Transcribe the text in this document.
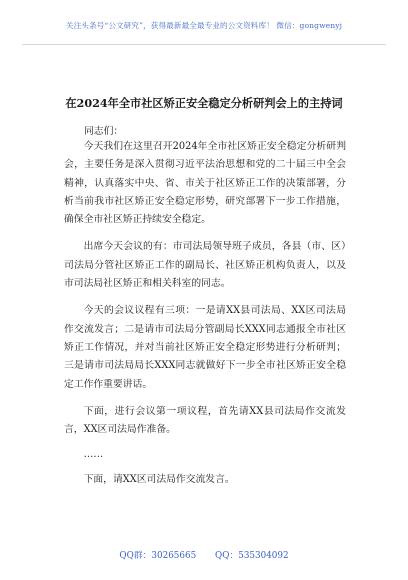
关注头条号“公文研究”，获得最新最全最专业的公文资料库！ 微信：gongwenyj
在2024年全市社区矫正安全稳定分析研判会上的主持词
同志们：

今天我们在这里召开2024年全市社区矫正安全稳定分析研判会，主要任务是深入贯彻习近平法治思想和党的二十届三中全会精神，认真落实中央、省、市关于社区矫正工作的决策部署，分析当前我市社区矫正安全稳定形势，研究部署下一步工作措施，确保全市社区矫正持续安全稳定。

出席今天会议的有：市司法局领导班子成员，各县（市、区）司法局分管社区矫正工作的副局长、社区矫正机构负责人，以及市司法局社区矫正和相关科室的同志。

今天的会议议程有三项：一是请XX县司法局、XX区司法局作交流发言；二是请市司法局分管副局长XXX同志通报全市社区矫正工作情况，并对当前社区矫正安全稳定形势进行分析研判；三是请市司法局局长XXX同志就做好下一步全市社区矫正安全稳定工作作重要讲话。

下面，进行会议第一项议程，首先请XX县司法局作交流发言，XX区司法局作准备。

……

下面，请XX区司法局作交流发言。

QQ群：30265665 QQ：535304092
